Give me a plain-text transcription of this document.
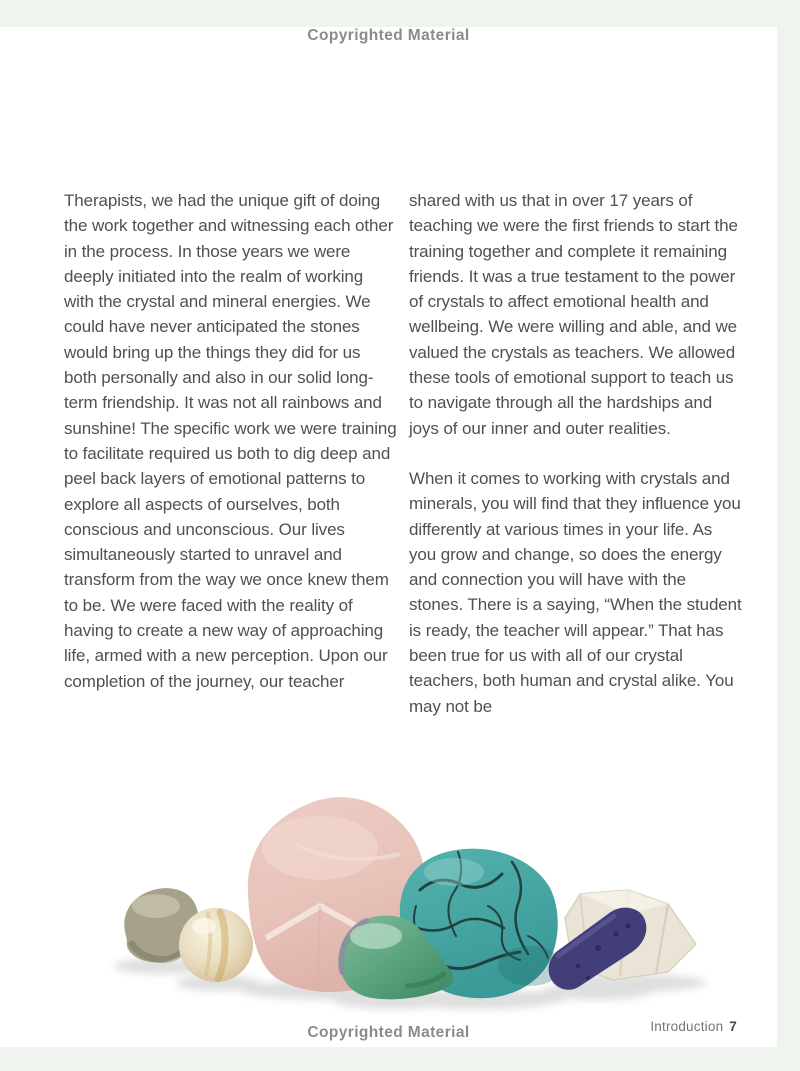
Copyrighted Material

Therapists, we had the unique gift of doing the work together and witnessing each other in the process. In those years we were deeply initiated into the realm of working with the crystal and mineral energies. We could have never anticipated the stones would bring up the things they did for us both personally and also in our solid long-term friendship. It was not all rainbows and sunshine! The specific work we were training to facilitate required us both to dig deep and peel back layers of emotional patterns to explore all aspects of ourselves, both conscious and unconscious. Our lives simultaneously started to unravel and transform from the way we once knew them to be. We were faced with the reality of having to create a new way of approaching life, armed with a new perception. Upon our completion of the journey, our teacher

shared with us that in over 17 years of teaching we were the first friends to start the training together and complete it remaining friends. It was a true testament to the power of crystals to affect emotional health and wellbeing. We were willing and able, and we valued the crystals as teachers. We allowed these tools of emotional support to teach us to navigate through all the hardships and joys of our inner and outer realities.

When it comes to working with crystals and minerals, you will find that they influence you differently at various times in your life. As you grow and change, so does the energy and connection you will have with the stones. There is a saying, “When the student is ready, the teacher will appear.” That has been true for us with all of our crystal teachers, both human and crystal alike. You may not be

Copyrighted Material	Introduction 7
